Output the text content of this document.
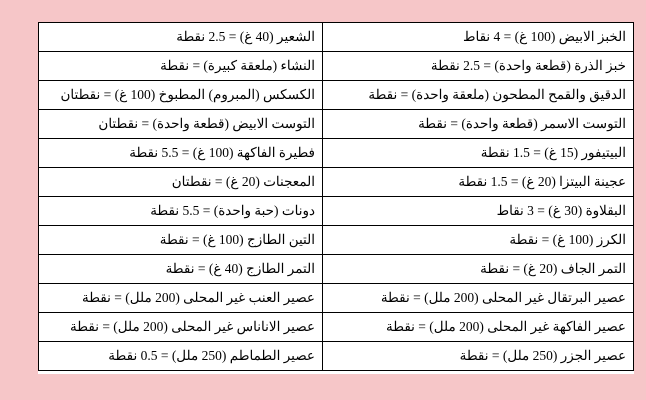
الخبز الابيض (100 غ) = 4 نقاط	الشعير (40 غ) = 2.5 نقطة
خبز الذرة (قطعة واحدة) = 2.5 نقطة	النشاء (ملعقة كبيرة) = نقطة
الدقيق والقمح المطحون (ملعقة واحدة) = نقطة	الكسكس (المبروم) المطبوخ (100 غ) = نقطتان
التوست الاسمر (قطعة واحدة) = نقطة	التوست الابيض (قطعة واحدة) = نقطتان
البيتيفور (15 غ) = 1.5 نقطة	فطيرة الفاكهة (100 غ) = 5.5 نقطة
عجينة البيتزا (20 غ) = 1.5 نقطة	المعجنات (20 غ) = نقطتان
البقلاوة (30 غ) = 3 نقاط	دونات (حبة واحدة) = 5.5 نقطة
الكرز (100 غ) = نقطة	التين الطازج (100 غ) = نقطة
التمر الجاف (20 غ) = نقطة	التمر الطازج (40 غ) = نقطة
عصير البرتقال غير المحلى (200 ملل) = نقطة	عصير العنب غير المحلى (200 ملل) = نقطة
عصير الفاكهة غير المحلى (200 ملل) = نقطة	عصير الاناناس غير المحلى (200 ملل) = نقطة
عصير الجزر (250 ملل) = نقطة	عصير الطماطم (250 ملل) = 0.5 نقطة
